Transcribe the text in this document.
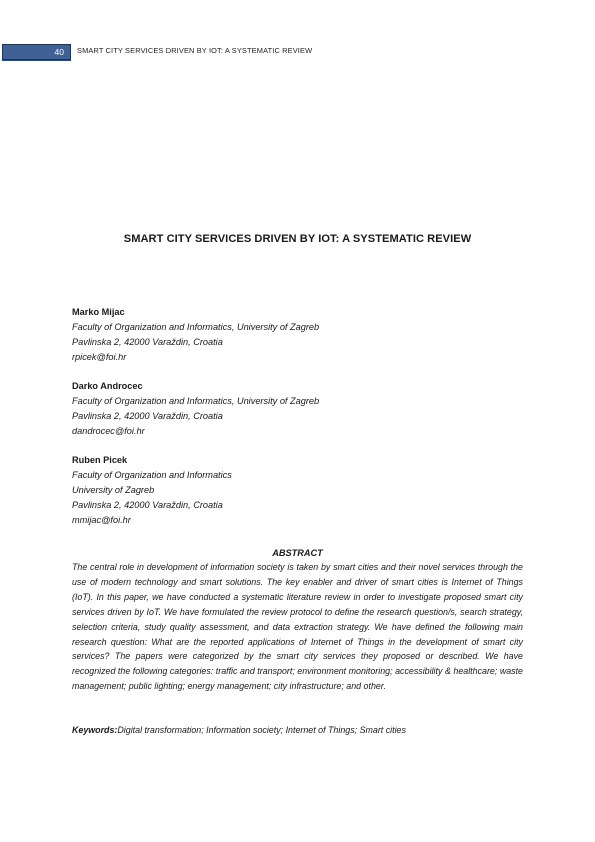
40 SMART CITY SERVICES DRIVEN BY IOT: A SYSTEMATIC REVIEW
SMART CITY SERVICES DRIVEN BY IOT: A SYSTEMATIC REVIEW
Marko Mijac
Faculty of Organization and Informatics, University of Zagreb
Pavlinska 2, 42000 Varaždin, Croatia
rpicek@foi.hr
Darko Androcec
Faculty of Organization and Informatics, University of Zagreb
Pavlinska 2, 42000 Varaždin, Croatia
dandrocec@foi.hr
Ruben Picek
Faculty of Organization and Informatics
University of Zagreb
Pavlinska 2, 42000 Varaždin, Croatia
mmijac@foi.hr
ABSTRACT
The central role in development of information society is taken by smart cities and their novel services through the use of modern technology and smart solutions. The key enabler and driver of smart cities is Internet of Things (IoT). In this paper, we have conducted a systematic literature review in order to investigate proposed smart city services driven by IoT. We have formulated the review protocol to define the research question/s, search strategy, selection criteria, study quality assessment, and data extraction strategy. We have defined the following main research question: What are the reported applications of Internet of Things in the development of smart city services? The papers were categorized by the smart city services they proposed or described. We have recognized the following categories: traffic and transport; environment monitoring; accessibility & healthcare; waste management; public lighting; energy management; city infrastructure; and other.
Keywords:Digital transformation; Information society; Internet of Things; Smart cities
